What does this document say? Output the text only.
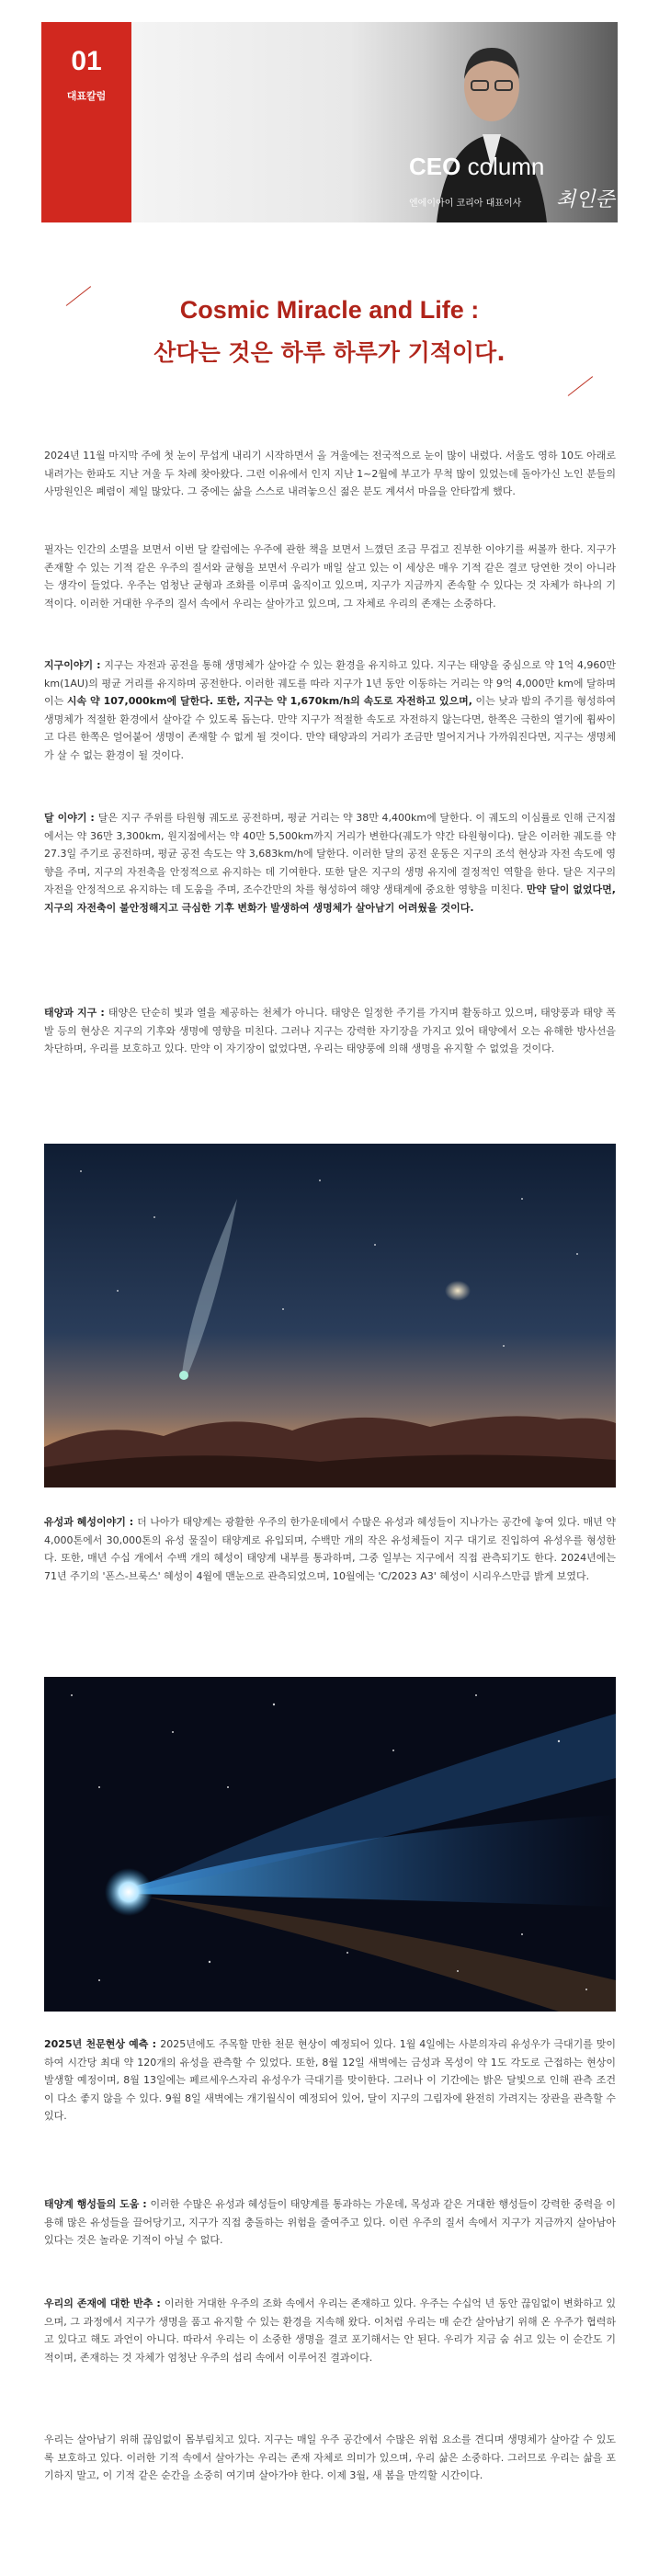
01
대표칼럼
CEO column
엔에이아이 코리아 대표이사 최인준
Cosmic Miracle and Life :
산다는 것은 하루 하루가 기적이다.
2024년 11월 마지막 주에 첫 눈이 무섭게 내리기 시작하면서 올 겨울에는 전국적으로 눈이 많이 내렸다. 서울도 영하 10도 아래로 내려가는 한파도 지난 겨울 두 차례 찾아왔다. 그런 이유에서 인지 지난 1~2월에 부고가 무척 많이 있었는데 돌아가신 노인 분들의 사망원인은 폐렴이 제일 많았다. 그 중에는 삶을 스스로 내려놓으신 젊은 분도 계셔서 마음을 안타깝게 했다.
필자는 인간의 소멸을 보면서 이번 달 칼럼에는 우주에 관한 책을 보면서 느꼈던 조금 무겁고 진부한 이야기를 써볼까 한다. 지구가 존재할 수 있는 기적 같은 우주의 질서와 균형을 보면서 우리가 매일 살고 있는 이 세상은 매우 기적 같은 결코 당연한 것이 아니라는 생각이 들었다. 우주는 엄청난 균형과 조화를 이루며 움직이고 있으며, 지구가 지금까지 존속할 수 있다는 것 자체가 하나의 기적이다. 이러한 거대한 우주의 질서 속에서 우리는 살아가고 있으며, 그 자체로 우리의 존재는 소중하다.
지구이야기 : 지구는 자전과 공전을 통해 생명체가 살아갈 수 있는 환경을 유지하고 있다. 지구는 태양을 중심으로 약 1억 4,960만 km(1AU)의 평균 거리를 유지하며 공전한다. 이러한 궤도를 따라 지구가 1년 동안 이동하는 거리는 약 9억 4,000만 km에 달하며 이는 시속 약 107,000km에 달한다. 또한, 지구는 약 1,670km/h의 속도로 자전하고 있으며, 이는 낮과 밤의 주기를 형성하여 생명체가 적절한 환경에서 살아갈 수 있도록 돕는다. 만약 지구가 적절한 속도로 자전하지 않는다면, 한쪽은 극한의 열기에 휩싸이고 다른 한쪽은 얼어붙어 생명이 존재할 수 없게 될 것이다. 만약 태양과의 거리가 조금만 멀어지거나 가까워진다면, 지구는 생명체가 살 수 없는 환경이 될 것이다.
달 이야기 : 달은 지구 주위를 타원형 궤도로 공전하며, 평균 거리는 약 38만 4,400km에 달한다. 이 궤도의 이심률로 인해 근지점에서는 약 36만 3,300km, 원지점에서는 약 40만 5,500km까지 거리가 변한다(궤도가 약간 타원형이다). 달은 이러한 궤도를 약 27.3일 주기로 공전하며, 평균 공전 속도는 약 3,683km/h에 달한다. 이러한 달의 공전 운동은 지구의 조석 현상과 자전 속도에 영향을 주며, 지구의 자전축을 안정적으로 유지하는 데 기여한다. 또한 달은 지구의 생명 유지에 결정적인 역할을 한다. 달은 지구의 자전을 안정적으로 유지하는 데 도움을 주며, 조수간만의 차를 형성하여 해양 생태계에 중요한 영향을 미친다. 만약 달이 없었다면, 지구의 자전축이 불안정해지고 극심한 기후 변화가 발생하여 생명체가 살아남기 어려웠을 것이다.
태양과 지구 : 태양은 단순히 빛과 열을 제공하는 천체가 아니다. 태양은 일정한 주기를 가지며 활동하고 있으며, 태양풍과 태양 폭발 등의 현상은 지구의 기후와 생명에 영향을 미친다. 그러나 지구는 강력한 자기장을 가지고 있어 태양에서 오는 유해한 방사선을 차단하며, 우리를 보호하고 있다. 만약 이 자기장이 없었다면, 우리는 태양풍에 의해 생명을 유지할 수 없었을 것이다.
유성과 혜성이야기 : 더 나아가 태양계는 광활한 우주의 한가운데에서 수많은 유성과 혜성들이 지나가는 공간에 놓여 있다. 매년 약 4,000톤에서 30,000톤의 유성 물질이 태양계로 유입되며, 수백만 개의 작은 유성체들이 지구 대기로 진입하여 유성우를 형성한다. 또한, 매년 수십 개에서 수백 개의 혜성이 태양계 내부를 통과하며, 그중 일부는 지구에서 직접 관측되기도 한다. 2024년에는 71년 주기의 '폰스-브룩스' 혜성이 4월에 맨눈으로 관측되었으며, 10월에는 'C/2023 A3' 혜성이 시리우스만큼 밝게 보였다.
2025년 천문현상 예측 : 2025년에도 주목할 만한 천문 현상이 예정되어 있다. 1월 4일에는 사분의자리 유성우가 극대기를 맞이하여 시간당 최대 약 120개의 유성을 관측할 수 있었다. 또한, 8월 12일 새벽에는 금성과 목성이 약 1도 각도로 근접하는 현상이 발생할 예정이며, 8월 13일에는 페르세우스자리 유성우가 극대기를 맞이한다. 그러나 이 기간에는 밝은 달빛으로 인해 관측 조건이 다소 좋지 않을 수 있다. 9월 8일 새벽에는 개기월식이 예정되어 있어, 달이 지구의 그림자에 완전히 가려지는 장관을 관측할 수 있다.
태양계 행성들의 도움 : 이러한 수많은 유성과 혜성들이 태양계를 통과하는 가운데, 목성과 같은 거대한 행성들이 강력한 중력을 이용해 많은 유성들을 끌어당기고, 지구가 직접 충돌하는 위험을 줄여주고 있다. 이런 우주의 질서 속에서 지구가 지금까지 살아남아 있다는 것은 놀라운 기적이 아닐 수 없다.
우리의 존재에 대한 반추 : 이러한 거대한 우주의 조화 속에서 우리는 존재하고 있다. 우주는 수십억 년 동안 끊임없이 변화하고 있으며, 그 과정에서 지구가 생명을 품고 유지할 수 있는 환경을 지속해 왔다. 이처럼 우리는 매 순간 살아남기 위해 온 우주가 협력하고 있다고 해도 과언이 아니다. 따라서 우리는 이 소중한 생명을 결코 포기해서는 안 된다. 우리가 지금 숨 쉬고 있는 이 순간도 기적이며, 존재하는 것 자체가 엄청난 우주의 섭리 속에서 이루어진 결과이다.
우리는 살아남기 위해 끊임없이 몸부림치고 있다. 지구는 매일 우주 공간에서 수많은 위험 요소를 견디며 생명체가 살아갈 수 있도록 보호하고 있다. 이러한 기적 속에서 살아가는 우리는 존재 자체로 의미가 있으며, 우리 삶은 소중하다. 그러므로 우리는 삶을 포기하지 말고, 이 기적 같은 순간을 소중히 여기며 살아가야 한다. 이제 3월, 새 봄을 만끽할 시간이다.
